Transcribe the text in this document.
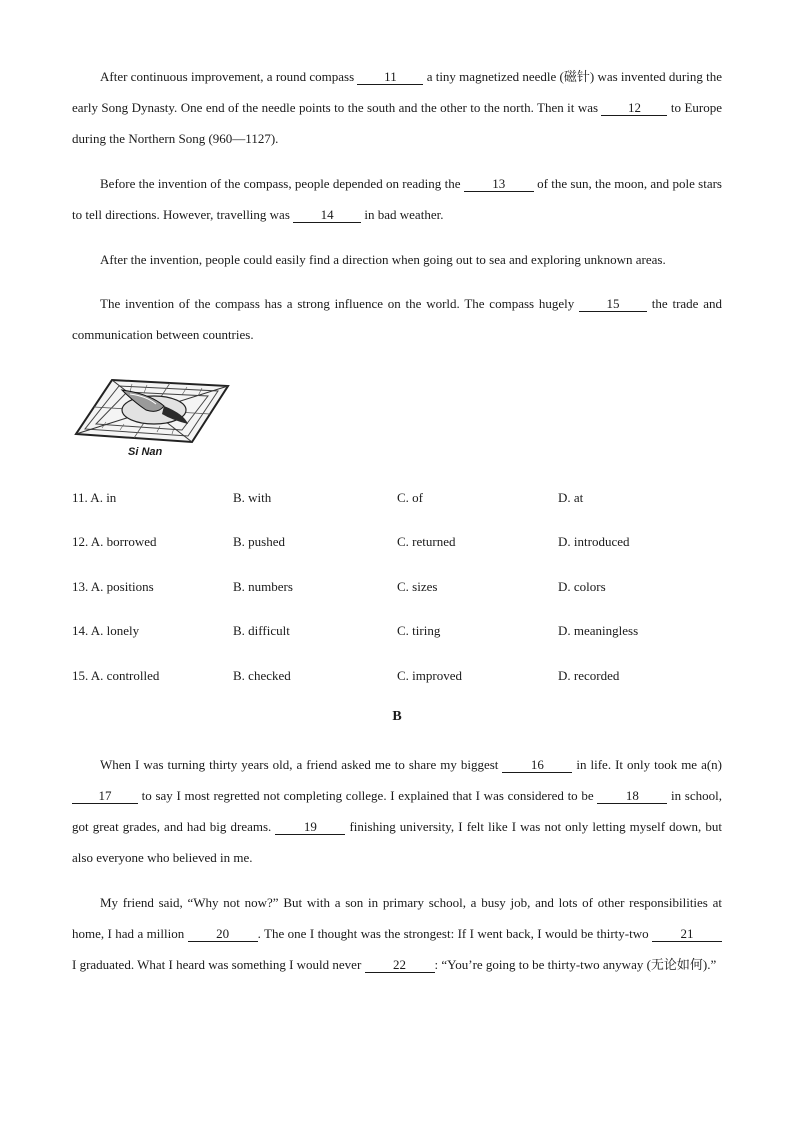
After continuous improvement, a round compass 11 a tiny magnetized needle (磁针) was invented during the early Song Dynasty. One end of the needle points to the south and the other to the north. Then it was 12 to Europe during the Northern Song (960—1127).
Before the invention of the compass, people depended on reading the 13 of the sun, the moon, and pole stars to tell directions. However, travelling was 14 in bad weather.
After the invention, people could easily find a direction when going out to sea and exploring unknown areas.
The invention of the compass has a strong influence on the world. The compass hugely 15 the trade and communication between countries.
Si Nan
11. A. in	B. with	C. of	D. at
12. A. borrowed	B. pushed	C. returned	D. introduced
13. A. positions	B. numbers	C. sizes	D. colors
14. A. lonely	B. difficult	C. tiring	D. meaningless
15. A. controlled	B. checked	C. improved	D. recorded
B
When I was turning thirty years old, a friend asked me to share my biggest 16 in life. It only took me a(n) 17 to say I most regretted not completing college. I explained that I was considered to be 18 in school, got great grades, and had big dreams. 19 finishing university, I felt like I was not only letting myself down, but also everyone who believed in me.
My friend said, “Why not now?” But with a son in primary school, a busy job, and lots of other responsibilities at home, I had a million 20 . The one I thought was the strongest: If I went back, I would be thirty-two 21 I graduated. What I heard was something I would never 22 : “You’re going to be thirty-two anyway (无论如何).”
